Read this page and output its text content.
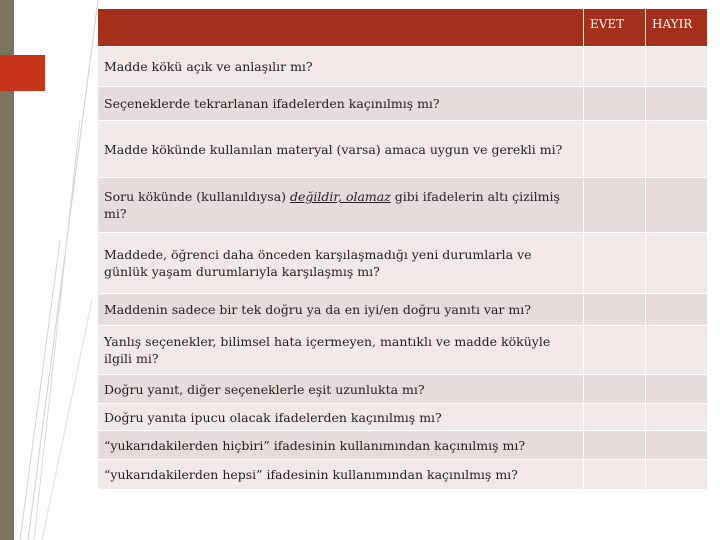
	EVET	HAYIR
Madde kökü açık ve anlaşılır mı?		
Seçeneklerde tekrarlanan ifadelerden kaçınılmış mı?		
Madde kökünde kullanılan materyal (varsa) amaca uygun ve gerekli mi?		
Soru kökünde (kullanıldıysa) değildir, olamaz gibi ifadelerin altı çizilmiş mi?		
Maddede, öğrenci daha önceden karşılaşmadığı yeni durumlarla ve günlük yaşam durumlarıyla karşılaşmış mı?		
Maddenin sadece bir tek doğru ya da en iyi/en doğru yanıtı var mı?		
Yanlış seçenekler, bilimsel hata içermeyen, mantıklı ve madde köküyle ilgili mi?		
Doğru yanıt, diğer seçeneklerle eşit uzunlukta mı?		
Doğru yanıta ipucu olacak ifadelerden kaçınılmış mı?		
“yukarıdakilerden hiçbiri” ifadesinin kullanımından kaçınılmış mı?		
“yukarıdakilerden hepsi” ifadesinin kullanımından kaçınılmış mı?		
